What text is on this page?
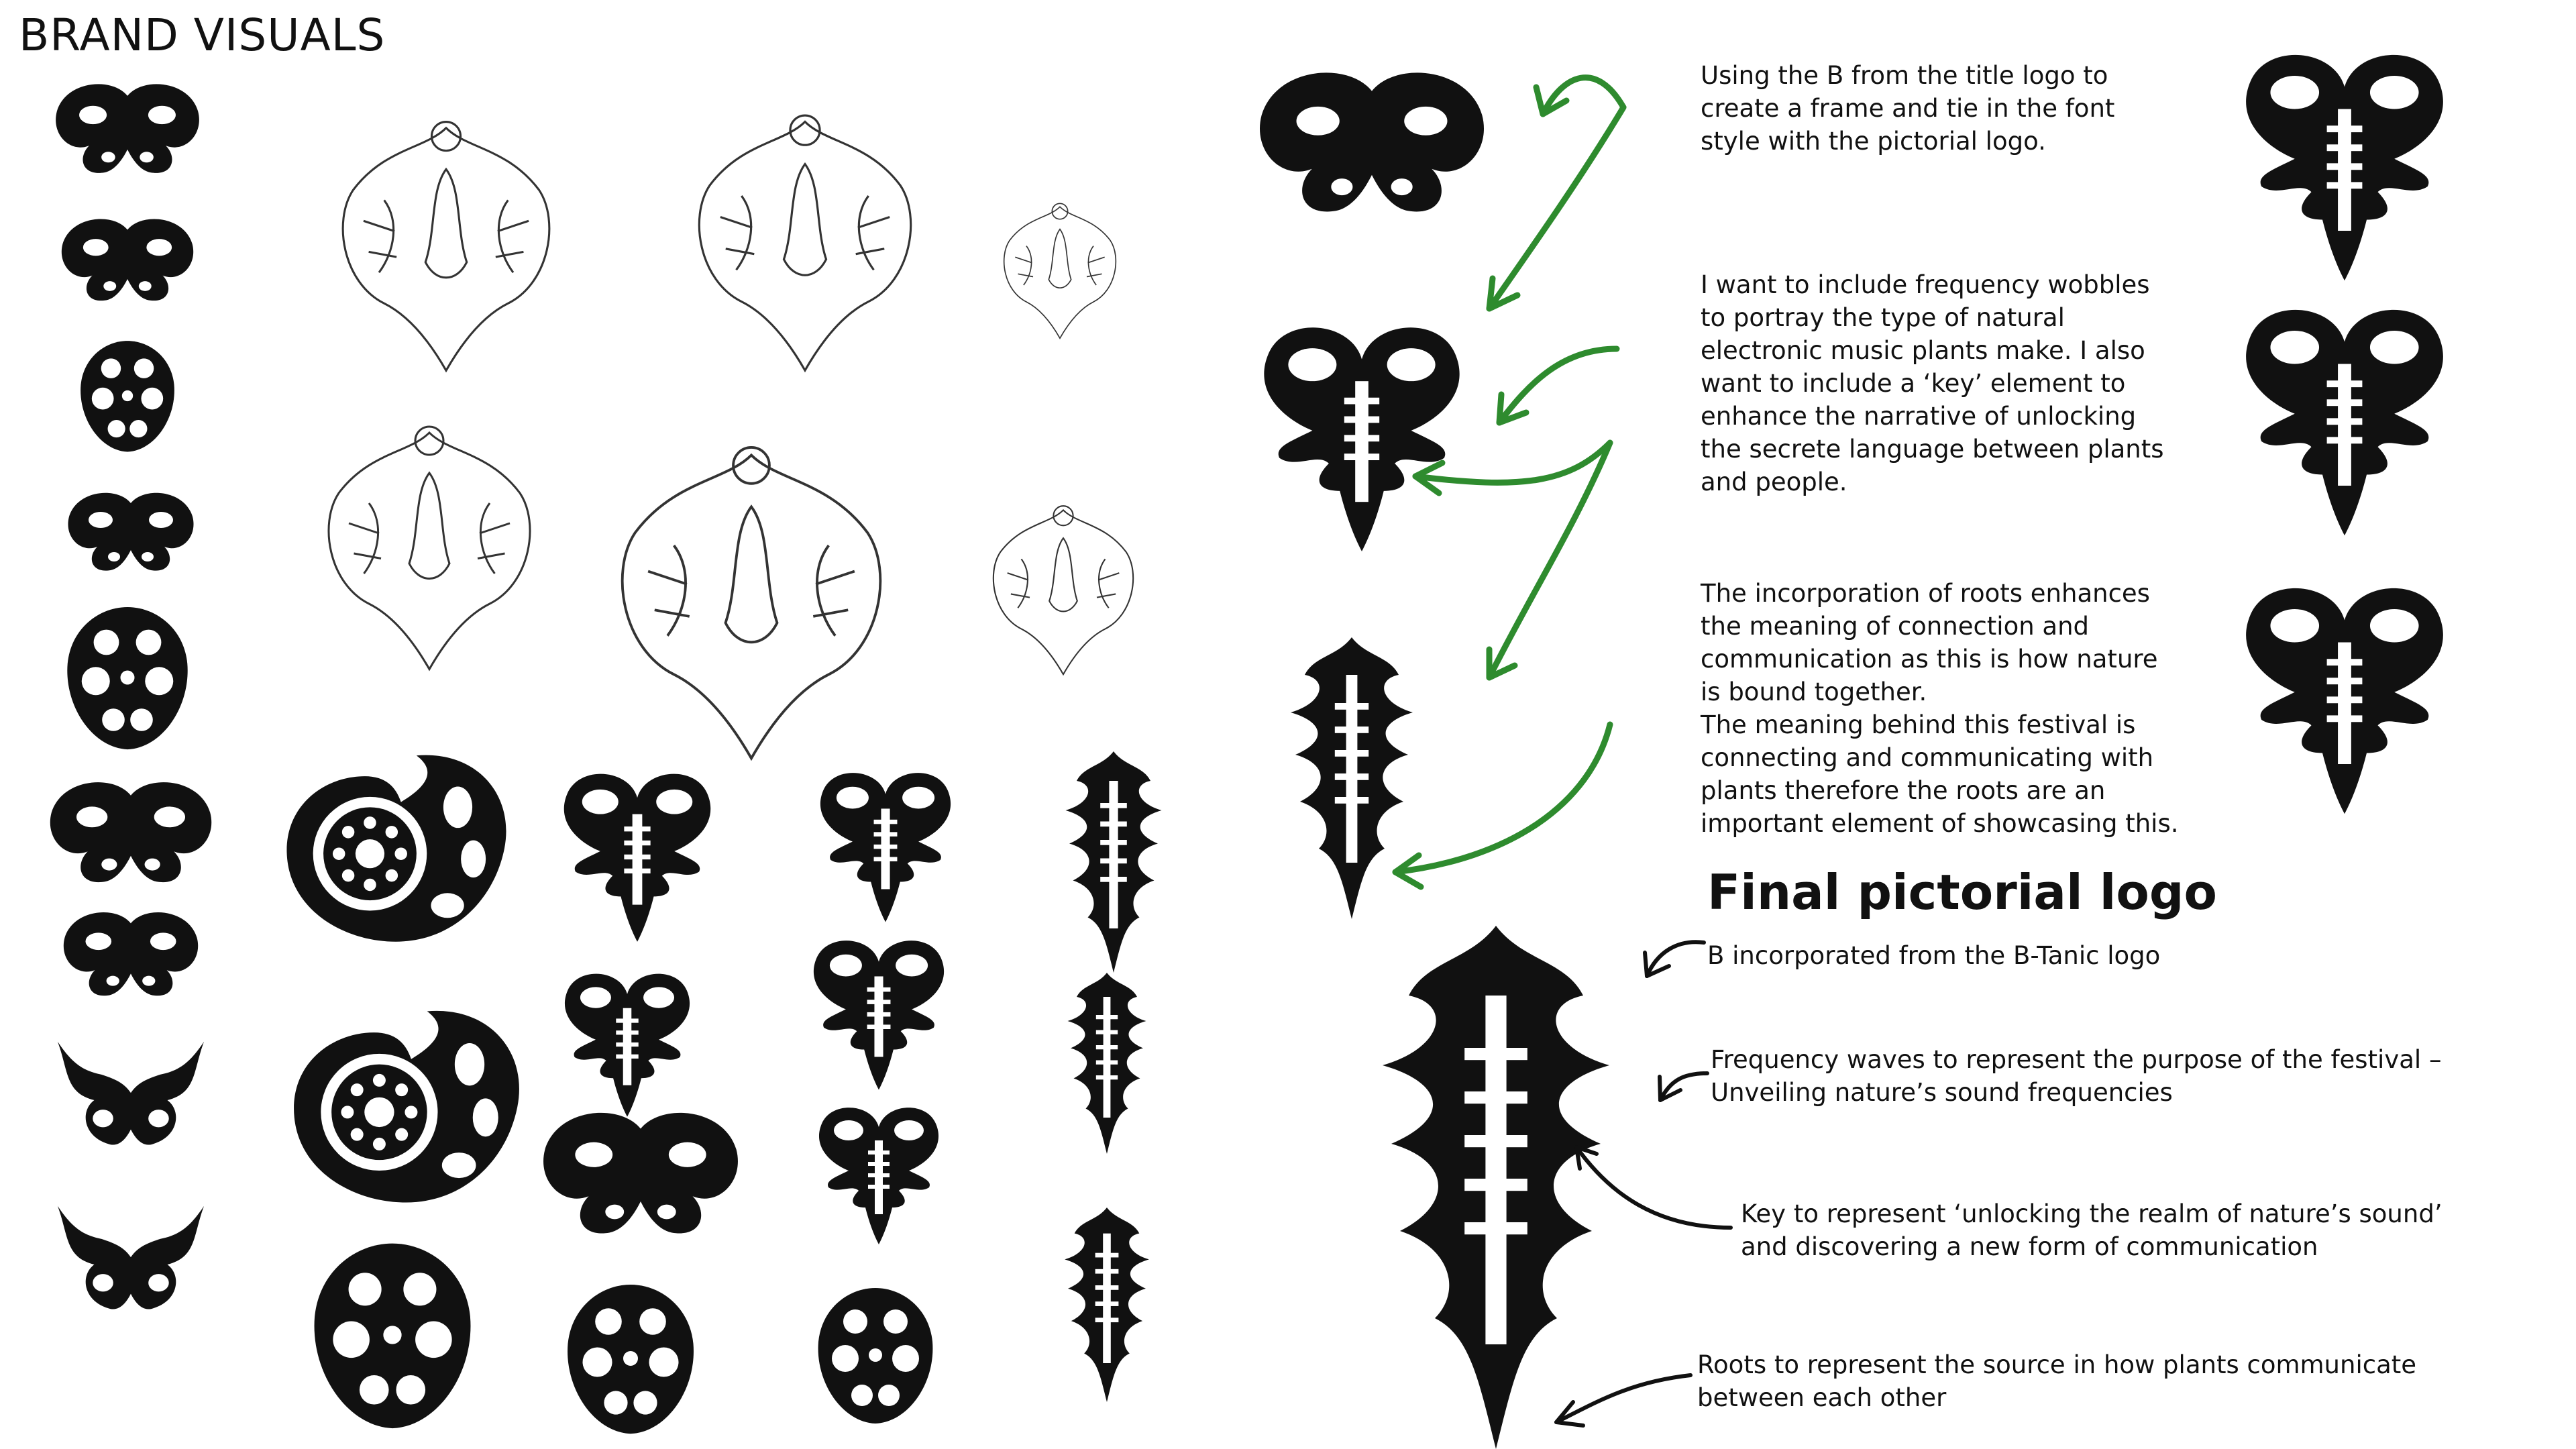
BRAND VISUALS
Using the B from the title logo to
create a frame and tie in the font
style with the pictorial logo.
I want to include frequency wobbles
to portray the type of natural
electronic music plants make. I also
want to include a ‘key’ element to
enhance the narrative of unlocking
the secrete language between plants
and people.
The incorporation of roots enhances
the meaning of connection and
communication as this is how nature
is bound together.
The meaning behind this festival is
connecting and communicating with
plants therefore the roots are an
important element of showcasing this.
Final pictorial logo
B incorporated from the B-Tanic logo
Frequency waves to represent the purpose of the festival –
Unveiling nature’s sound frequencies
Key to represent ‘unlocking the realm of nature’s sound’
and discovering a new form of communication
Roots to represent the source in how plants communicate
between each other
